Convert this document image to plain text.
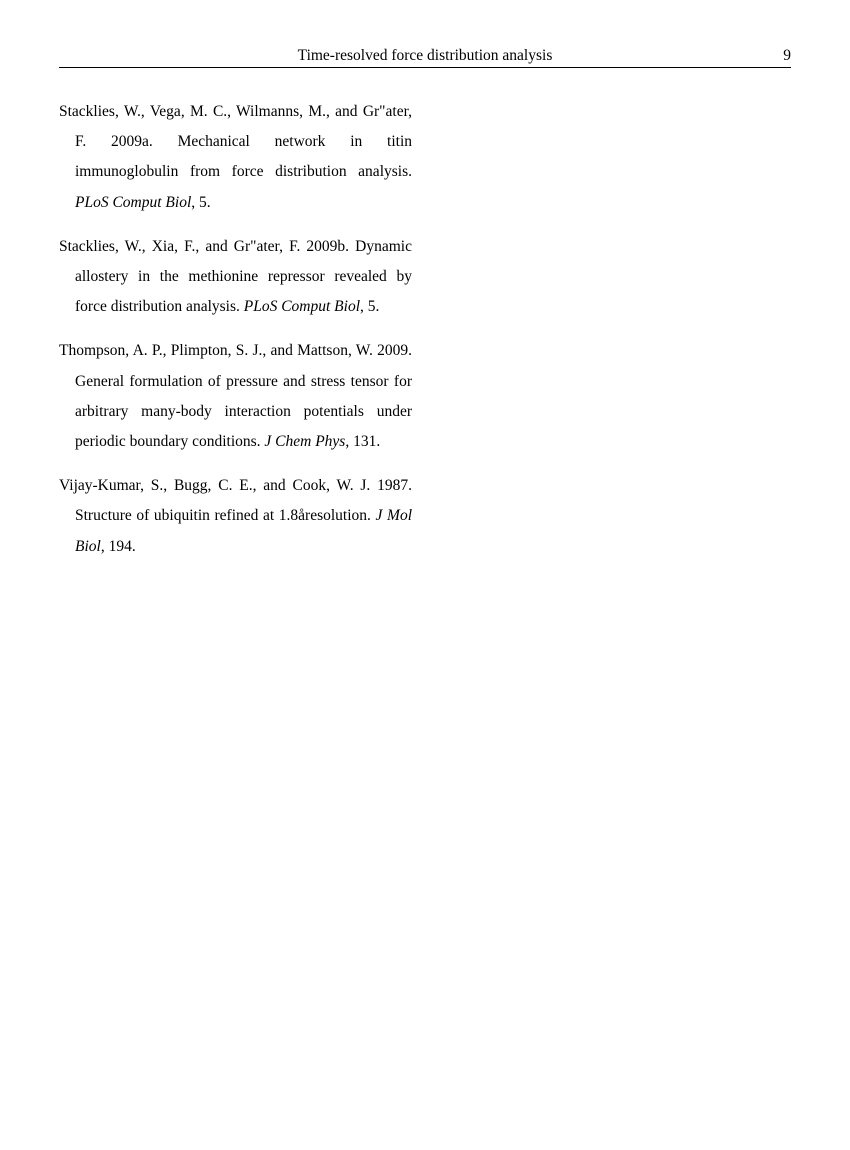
Time-resolved force distribution analysis	9

Stacklies, W., Vega, M. C., Wilmanns, M., and Gr"ater, F. 2009a. Mechanical network in titin immunoglobulin from force distribution analysis. PLoS Comput Biol, 5.

Stacklies, W., Xia, F., and Gr"ater, F. 2009b. Dynamic allostery in the methionine repressor revealed by force distribution analysis. PLoS Comput Biol, 5.

Thompson, A. P., Plimpton, S. J., and Mattson, W. 2009. General formulation of pressure and stress tensor for arbitrary many-body interaction potentials under periodic boundary conditions. J Chem Phys, 131.

Vijay-Kumar, S., Bugg, C. E., and Cook, W. J. 1987. Structure of ubiquitin refined at 1.8åresolution. J Mol Biol, 194.
